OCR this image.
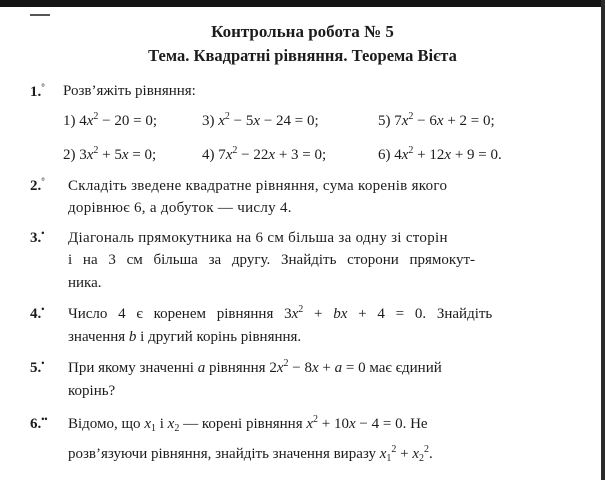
Контрольна робота № 5
Тема. Квадратні рівняння. Теорема Вієта
1.° Розв’яжіть рівняння:
1) $4x^2 - 20 = 0$;	3) $x^2 - 5x - 24 = 0$;	5) $7x^2 - 6x + 2 = 0$;
2) $3x^2 + 5x = 0$;	4) $7x^2 - 22x + 3 = 0$;	6) $4x^2 + 12x + 9 = 0$.
2.° Складіть зведене квадратне рівняння, сума коренів якого
дорівнює 6, а добуток — числу 4.
3.• Діагональ прямокутника на 6 см більша за одну зі сторін
і на 3 см більша за другу. Знайдіть сторони прямокут-
ника.
4.• Число 4 є коренем рівняння $3x^2$ + bx + 4 = 0. Знайдіть
значення b і другий корінь рівняння.
5.• При якому значенні a рівняння $2x^2 - 8x + a = 0$ має єдиний
корінь?
6.•• Відомо, що $x_1$ і $x_2$ — корені рівняння $x^2 + 10x - 4 = 0$. Не
розв’язуючи рівняння, знайдіть значення виразу $x_1^2 + x_2^2$.
